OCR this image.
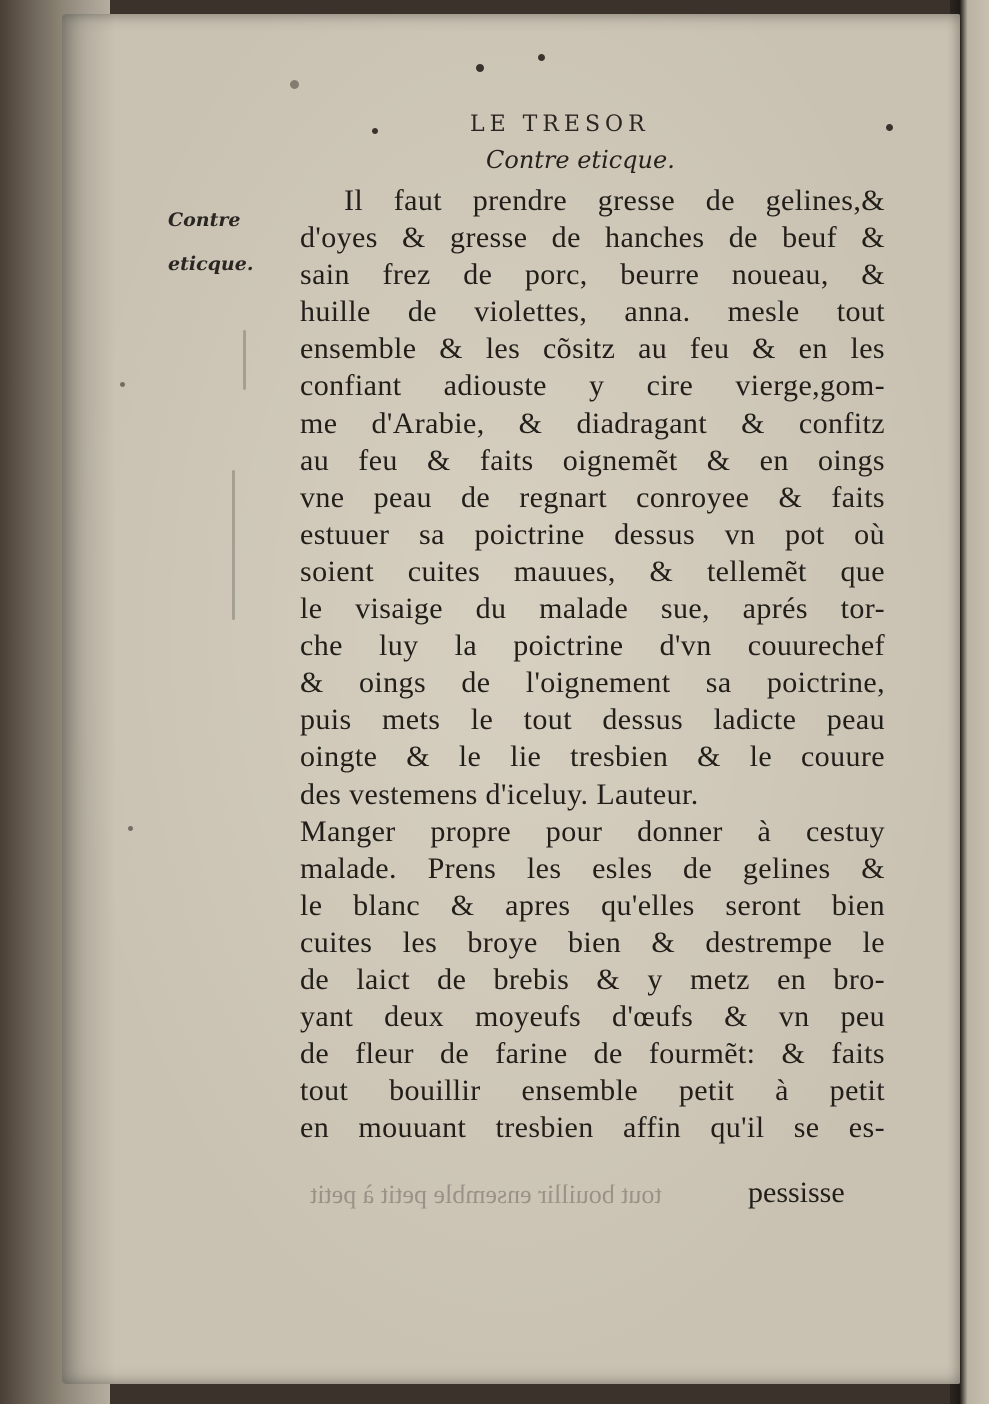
LE TRESOR
Contre eticque.
Contre
eticque.
Il faut prendre gresse de gelines,&
d'oyes & gresse de hanches de beuf &
sain frez de porc, beurre noueau, &
huille de violettes, anna. mesle tout
ensemble & les cõsitz au feu & en les
confiant adiouste y cire vierge,gom-
me d'Arabie, & diadragant & confitz
au feu & faits oignemẽt & en oings
vne peau de regnart conroyee & faits
estuuer sa poictrine dessus vn pot où
soient cuites mauues, & tellemẽt que
le visaige du malade sue, aprés tor-
che luy la poictrine d'vn couurechef
& oings de l'oignement sa poictrine,
puis mets le tout dessus ladicte peau
oingte & le lie tresbien & le couure
des vestemens d'iceluy. Lauteur.
Manger propre pour donner à cestuy
malade. Prens les esles de gelines &
le blanc & apres qu'elles seront bien
cuites les broye bien & destrempe le
de laict de brebis & y metz en bro-
yant deux moyeufs d'œufs & vn peu
de fleur de farine de fourmẽt: & faits
tout bouillir ensemble petit à petit
en mouuant tresbien affin qu'il se es-
tout bouillir ensemble petit à petit	pessisse
